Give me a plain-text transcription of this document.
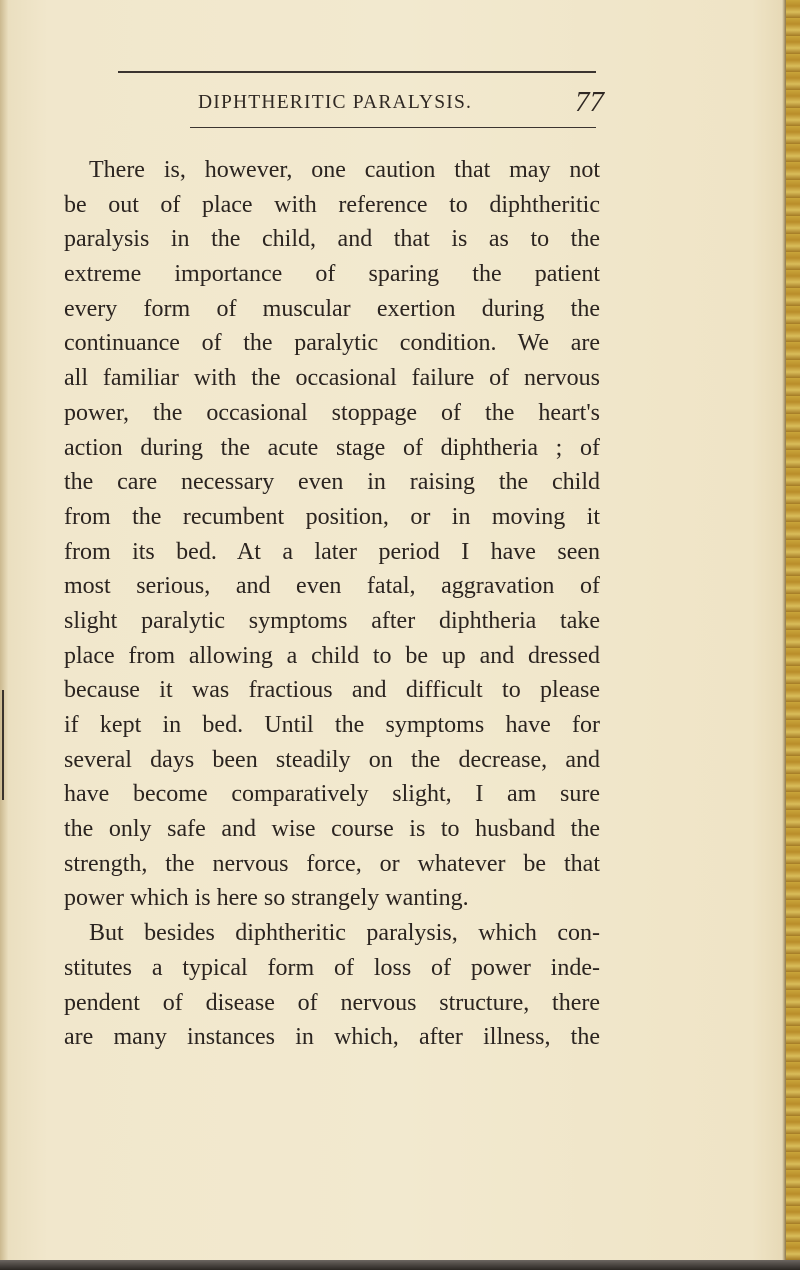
DIPHTHERITIC PARALYSIS.	77
There is, however, one caution that may not
be out of place with reference to diphtheritic
paralysis in the child, and that is as to the
extreme importance of sparing the patient
every form of muscular exertion during the
continuance of the paralytic condition. We are
all familiar with the occasional failure of nervous
power, the occasional stoppage of the heart's
action during the acute stage of diphtheria ; of
the care necessary even in raising the child
from the recumbent position, or in moving it
from its bed. At a later period I have seen
most serious, and even fatal, aggravation of
slight paralytic symptoms after diphtheria take
place from allowing a child to be up and dressed
because it was fractious and difficult to please
if kept in bed. Until the symptoms have for
several days been steadily on the decrease, and
have become comparatively slight, I am sure
the only safe and wise course is to husband the
strength, the nervous force, or whatever be that
power which is here so strangely wanting.
But besides diphtheritic paralysis, which con-
stitutes a typical form of loss of power inde-
pendent of disease of nervous structure, there
are many instances in which, after illness, the
